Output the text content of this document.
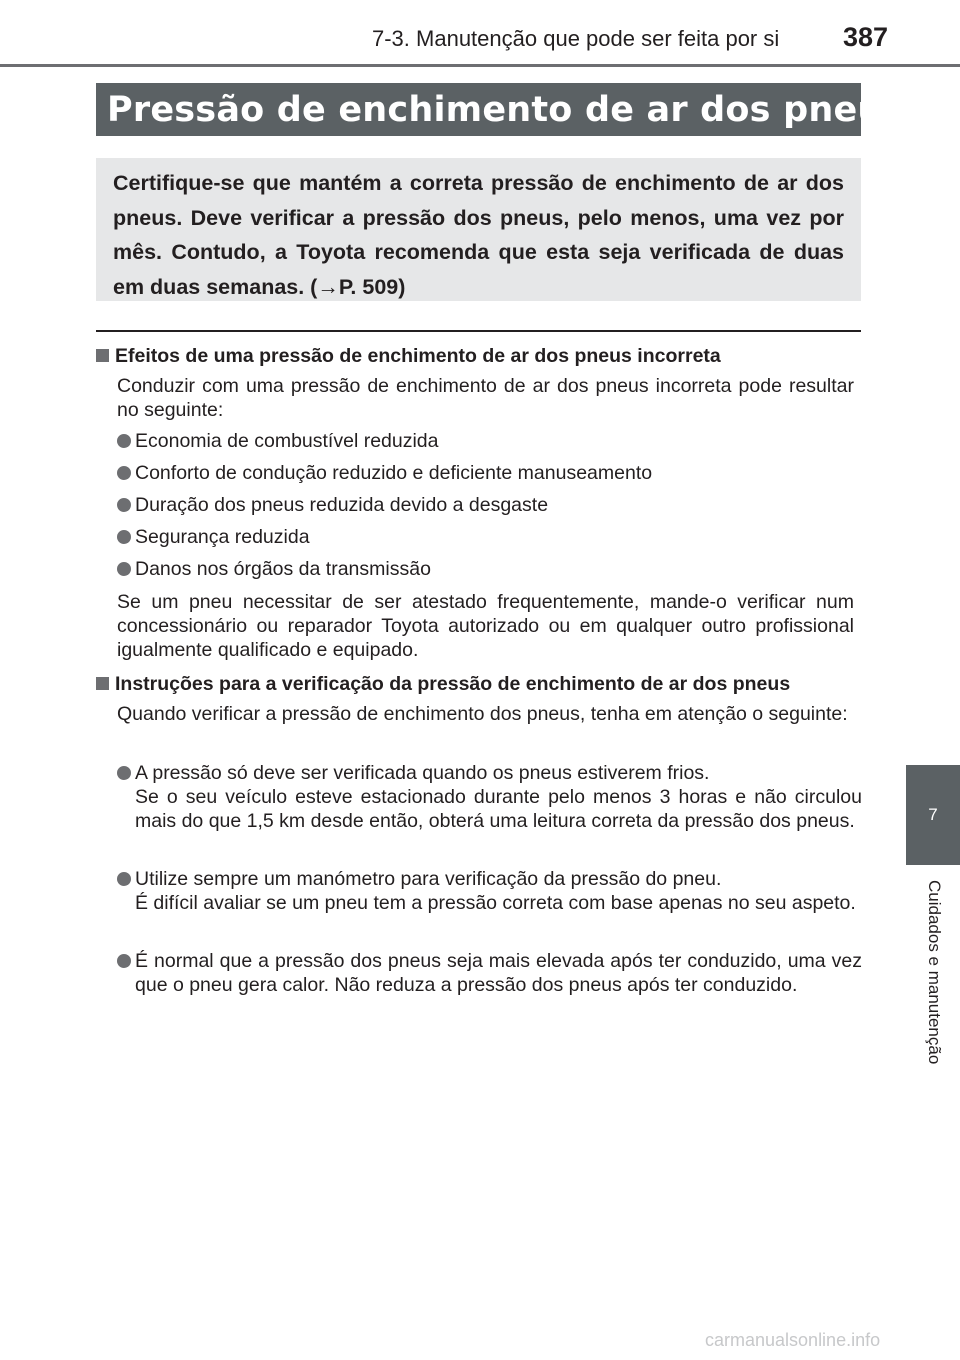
7-3. Manutenção que pode ser feita por si 387
Pressão de enchimento de ar dos pneus

Certifique-se que mantém a correta pressão de enchimento de ar dos pneus. Deve verificar a pressão dos pneus, pelo menos, uma vez por mês. Contudo, a Toyota recomenda que esta seja verificada de duas em duas semanas. (→P. 509)

Efeitos de uma pressão de enchimento de ar dos pneus incorreta

Conduzir com uma pressão de enchimento de ar dos pneus incorreta pode resultar no seguinte:

Economia de combustível reduzida
Conforto de condução reduzido e deficiente manuseamento
Duração dos pneus reduzida devido a desgaste
Segurança reduzida
Danos nos órgãos da transmissão

Se um pneu necessitar de ser atestado frequentemente, mande-o verificar num concessionário ou reparador Toyota autorizado ou em qualquer outro profissional igualmente qualificado e equipado.

Instruções para a verificação da pressão de enchimento de ar dos pneus

Quando verificar a pressão de enchimento dos pneus, tenha em atenção o seguinte:

A pressão só deve ser verificada quando os pneus estiverem frios.
Se o seu veículo esteve estacionado durante pelo menos 3 horas e não circulou mais do que 1,5 km desde então, obterá uma leitura correta da pressão dos pneus.
Utilize sempre um manómetro para verificação da pressão do pneu.
É difícil avaliar se um pneu tem a pressão correta com base apenas no seu aspeto.
É normal que a pressão dos pneus seja mais elevada após ter conduzido, uma vez que o pneu gera calor. Não reduza a pressão dos pneus após ter conduzido.
7
Cuidados e manutenção
carmanualsonline.info
